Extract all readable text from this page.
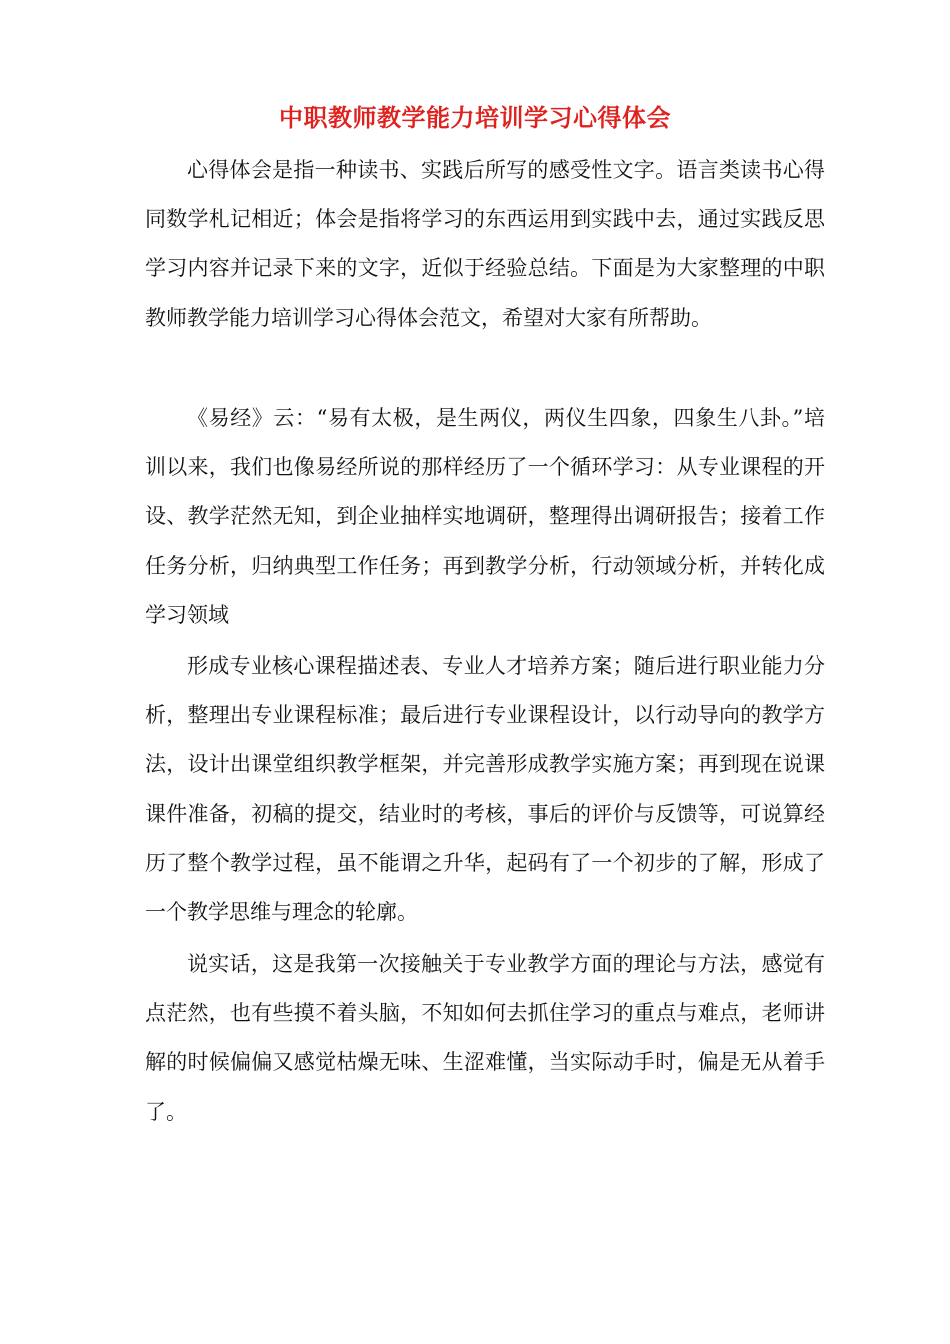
中职教师教学能力培训学习心得体会

心得体会是指一种读书、实践后所写的感受性文字。语言类读书心得同数学札记相近；体会是指将学习的东西运用到实践中去，通过实践反思学习内容并记录下来的文字，近似于经验总结。下面是为大家整理的中职教师教学能力培训学习心得体会范文，希望对大家有所帮助。

《易经》云：“易有太极，是生两仪，两仪生四象，四象生八卦。”培训以来，我们也像易经所说的那样经历了一个循环学习：从专业课程的开设、教学茫然无知，到企业抽样实地调研，整理得出调研报告；接着工作任务分析，归纳典型工作任务；再到教学分析，行动领域分析，并转化成学习领域

形成专业核心课程描述表、专业人才培养方案；随后进行职业能力分析，整理出专业课程标准；最后进行专业课程设计，以行动导向的教学方法，设计出课堂组织教学框架，并完善形成教学实施方案；再到现在说课课件准备，初稿的提交，结业时的考核，事后的评价与反馈等，可说算经历了整个教学过程，虽不能谓之升华，起码有了一个初步的了解，形成了一个教学思维与理念的轮廓。

说实话，这是我第一次接触关于专业教学方面的理论与方法，感觉有点茫然，也有些摸不着头脑，不知如何去抓住学习的重点与难点，老师讲解的时候偏偏又感觉枯燥无味、生涩难懂，当实际动手时，偏是无从着手了。
